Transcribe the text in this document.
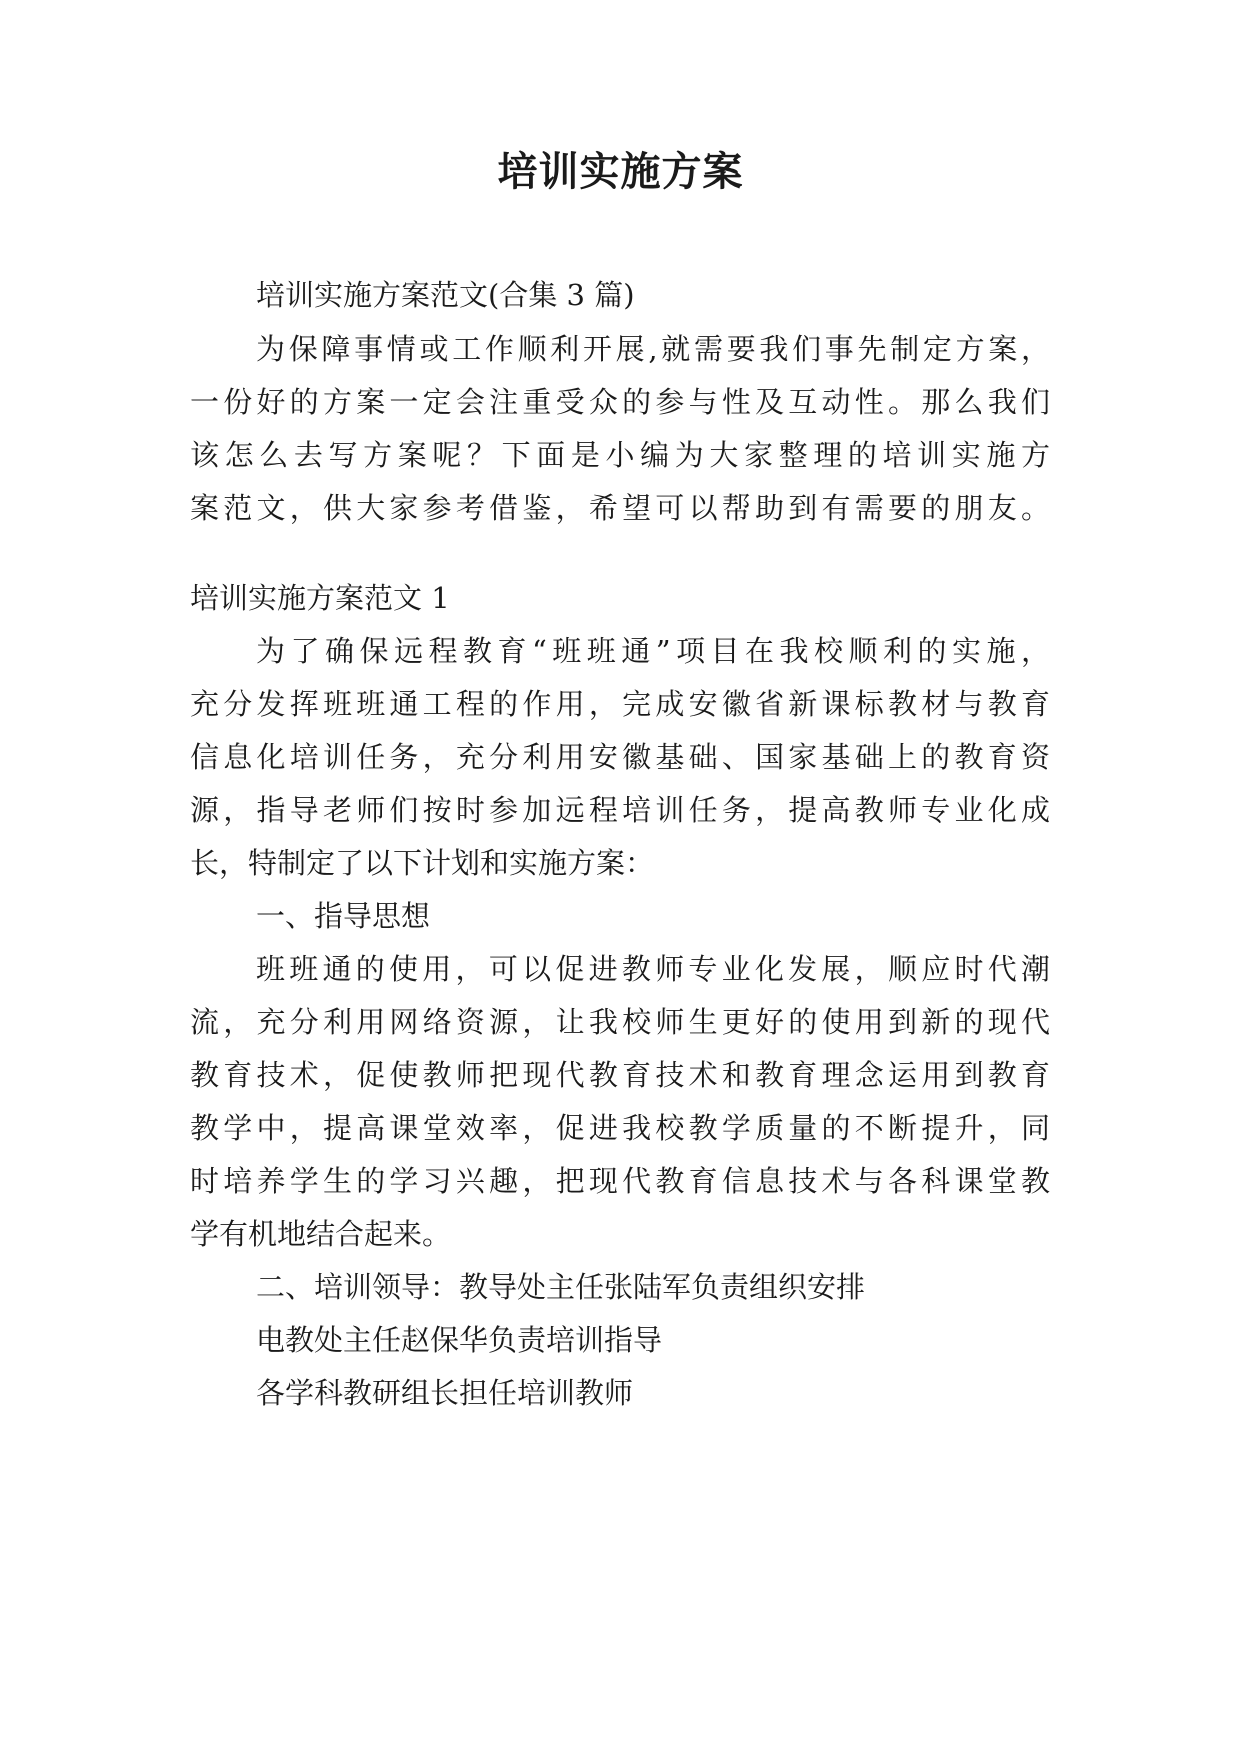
培训实施方案
培训实施方案范文(合集 3 篇)
为保障事情或工作顺利开展,就需要我们事先制定方案，
一份好的方案一定会注重受众的参与性及互动性。那么我们
该怎么去写方案呢？下面是小编为大家整理的培训实施方
案范文，供大家参考借鉴，希望可以帮助到有需要的朋友。
培训实施方案范文 1
为了确保远程教育“班班通”项目在我校顺利的实施，
充分发挥班班通工程的作用，完成安徽省新课标教材与教育
信息化培训任务，充分利用安徽基础、国家基础上的教育资
源，指导老师们按时参加远程培训任务，提高教师专业化成
长，特制定了以下计划和实施方案：
一、指导思想
班班通的使用，可以促进教师专业化发展，顺应时代潮
流，充分利用网络资源，让我校师生更好的使用到新的现代
教育技术，促使教师把现代教育技术和教育理念运用到教育
教学中，提高课堂效率，促进我校教学质量的不断提升，同
时培养学生的学习兴趣，把现代教育信息技术与各科课堂教
学有机地结合起来。
二、培训领导：教导处主任张陆军负责组织安排
电教处主任赵保华负责培训指导
各学科教研组长担任培训教师
